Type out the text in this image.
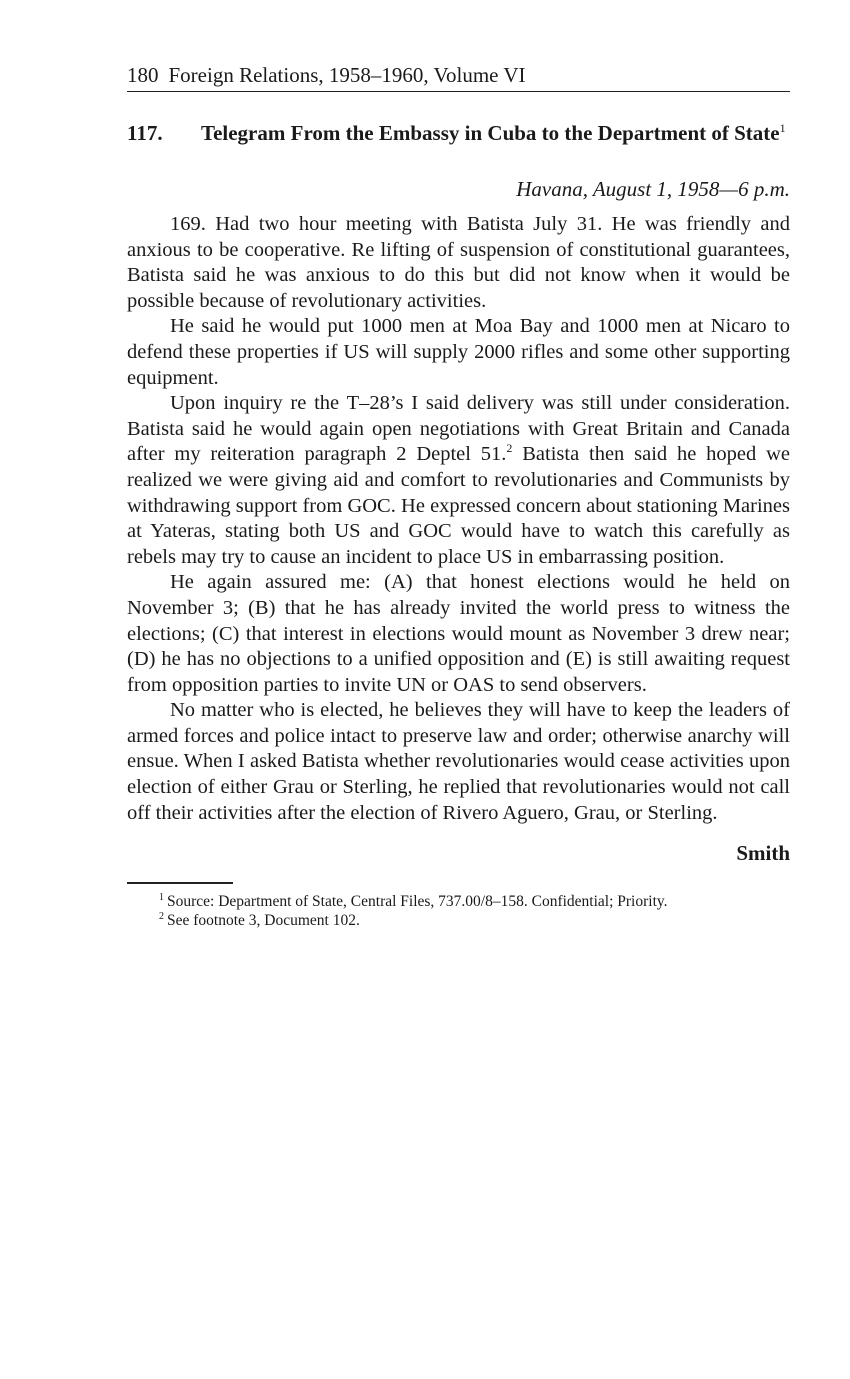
180 Foreign Relations, 1958–1960, Volume VI
117.	Telegram From the Embassy in Cuba to the Department of State$^1$
Havana, August 1, 1958—6 p.m.

169. Had two hour meeting with Batista July 31. He was friendly and anxious to be cooperative. Re lifting of suspension of constitutional guarantees, Batista said he was anxious to do this but did not know when it would be possible because of revolutionary activities.

He said he would put 1000 men at Moa Bay and 1000 men at Nicaro to defend these properties if US will supply 2000 rifles and some other supporting equipment.

Upon inquiry re the T–28’s I said delivery was still under consideration. Batista said he would again open negotiations with Great Britain and Canada after my reiteration paragraph 2 Deptel 51.$^2$ Batista then said he hoped we realized we were giving aid and comfort to revolutionaries and Communists by withdrawing support from GOC. He expressed concern about stationing Marines at Yateras, stating both US and GOC would have to watch this carefully as rebels may try to cause an incident to place US in embarrassing position.

He again assured me: (A) that honest elections would he held on November 3; (B) that he has already invited the world press to witness the elections; (C) that interest in elections would mount as November 3 drew near; (D) he has no objections to a unified opposition and (E) is still awaiting request from opposition parties to invite UN or OAS to send observers.

No matter who is elected, he believes they will have to keep the leaders of armed forces and police intact to preserve law and order; otherwise anarchy will ensue. When I asked Batista whether revolutionaries would cease activities upon election of either Grau or Sterling, he replied that revolutionaries would not call off their activities after the election of Rivero Aguero, Grau, or Sterling.

Smith
$^1$ Source: Department of State, Central Files, 737.00/8–158. Confidential; Priority.
$^2$ See footnote 3, Document 102.
